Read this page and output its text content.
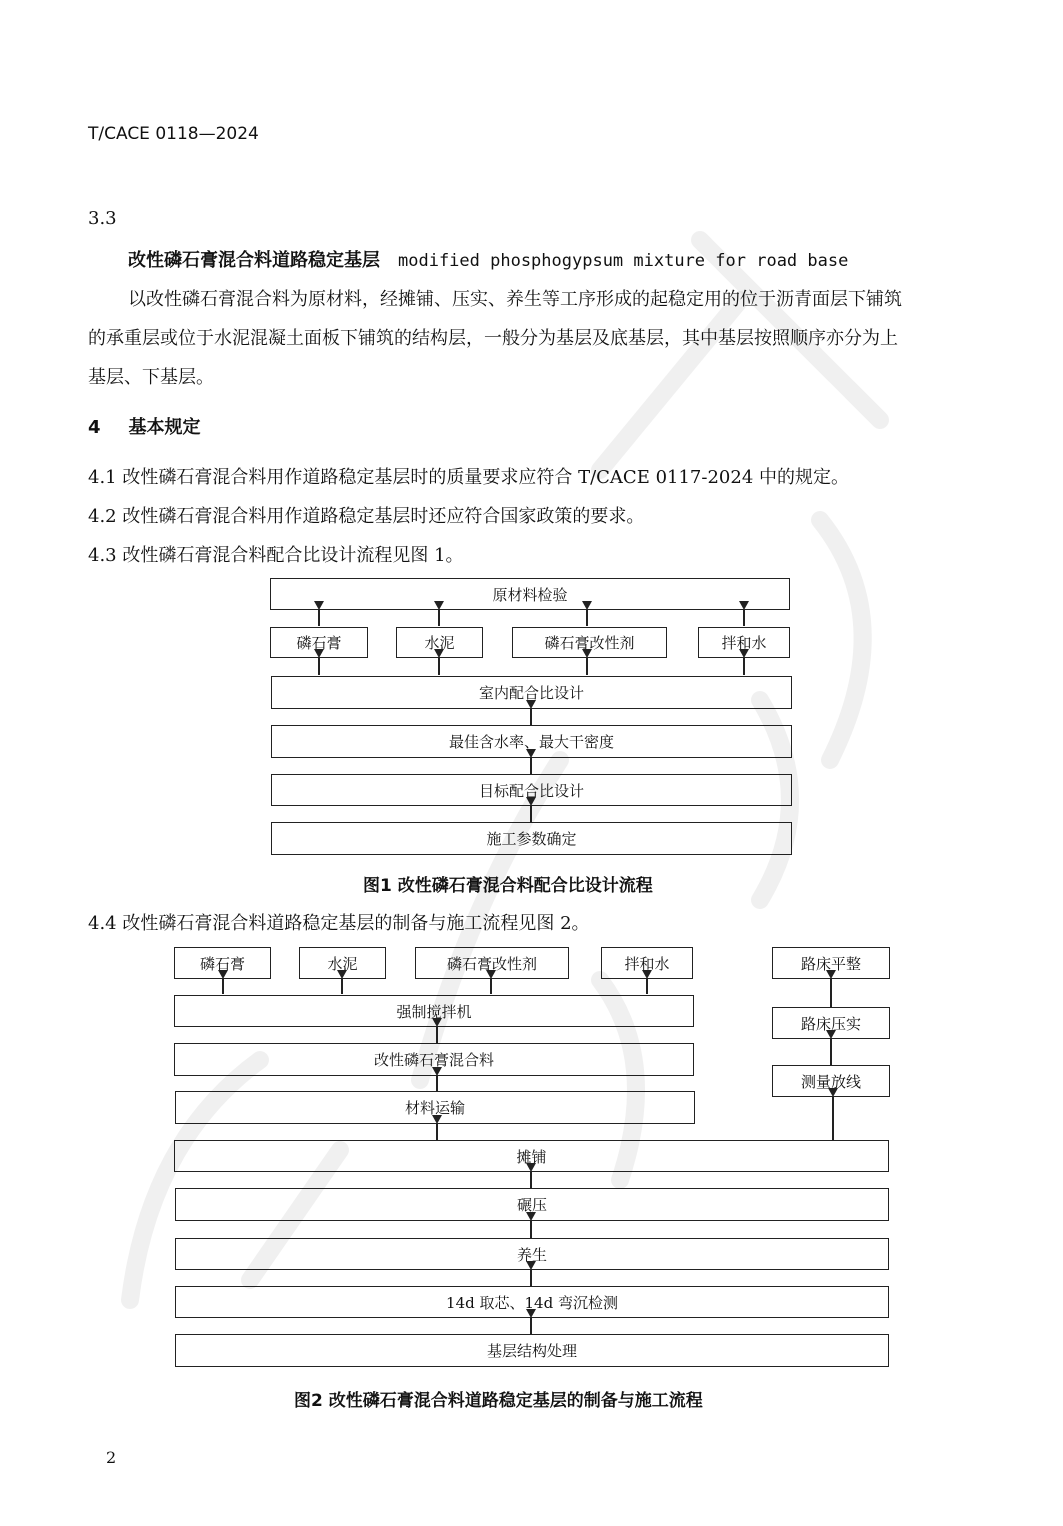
T/CACE 0118—2024
3.3
改性磷石膏混合料道路稳定基层 modified phosphogypsum mixture for road base
以改性磷石膏混合料为原材料，经摊铺、压实、养生等工序形成的起稳定用的位于沥青面层下铺筑
的承重层或位于水泥混凝土面板下铺筑的结构层，一般分为基层及底基层，其中基层按照顺序亦分为上
基层、下基层。
4 基本规定
4.1 改性磷石膏混合料用作道路稳定基层时的质量要求应符合 T/CACE 0117-2024 中的规定。
4.2 改性磷石膏混合料用作道路稳定基层时还应符合国家政策的要求。
4.3 改性磷石膏混合料配合比设计流程见图 1。
原材料检验
磷石膏	水泥	磷石膏改性剂	拌和水
室内配合比设计
最佳含水率、最大干密度
目标配合比设计
施工参数确定
图1 改性磷石膏混合料配合比设计流程
4.4 改性磷石膏混合料道路稳定基层的制备与施工流程见图 2。
磷石膏	水泥	磷石膏改性剂	拌和水
强制搅拌机
改性磷石膏混合料
材料运输
路床平整
路床压实
测量放线
摊铺
碾压
养生
14d 取芯、14d 弯沉检测
基层结构处理
图2 改性磷石膏混合料道路稳定基层的制备与施工流程
2
